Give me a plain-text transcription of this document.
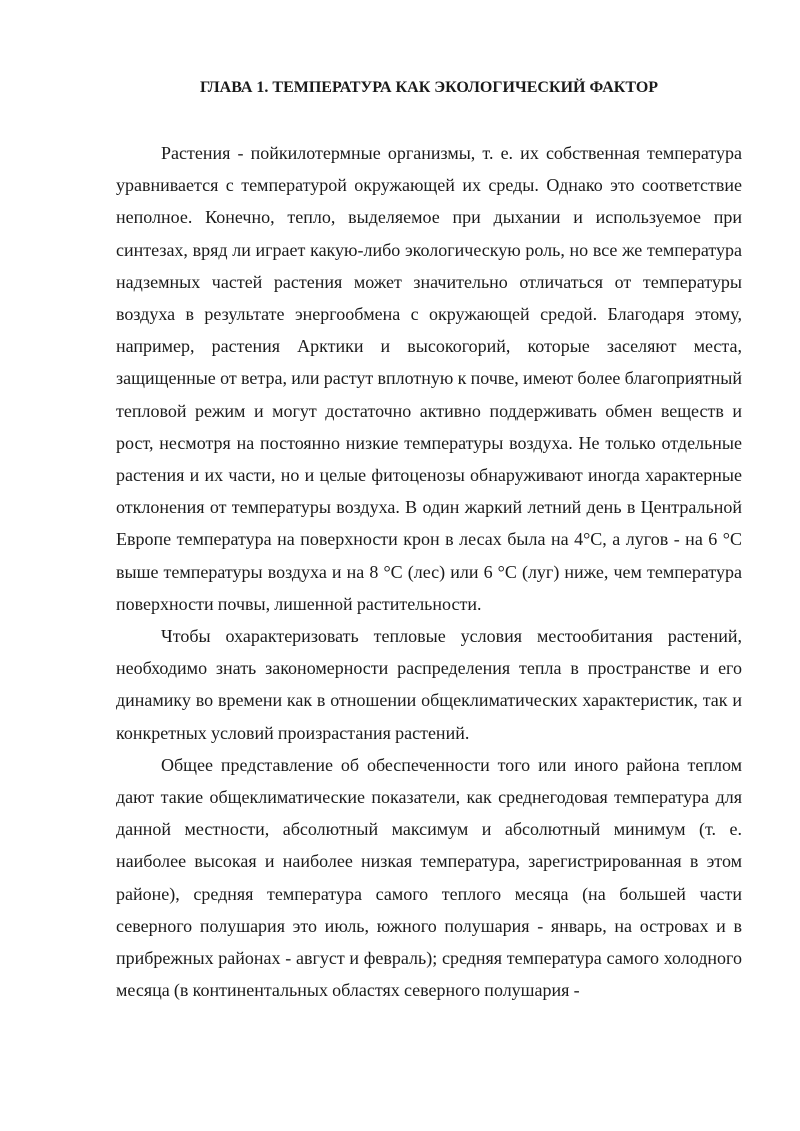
ГЛАВА 1. ТЕМПЕРАТУРА КАК ЭКОЛОГИЧЕСКИЙ ФАКТОР

Растения - пойкилотермные организмы, т. е. их собственная температура уравнивается с температурой окружающей их среды. Однако это соответствие неполное. Конечно, тепло, выделяемое при дыхании и используемое при синтезах, вряд ли играет какую-либо экологическую роль, но все же температура надземных частей растения может значительно отличаться от температуры воздуха в результате энергообмена с окружающей средой. Благодаря этому, например, растения Арктики и высокогорий, которые заселяют места, защищенные от ветра, или растут вплотную к почве, имеют более благоприятный тепловой режим и могут достаточно активно поддерживать обмен веществ и рост, несмотря на постоянно низкие температуры воздуха. Не только отдельные растения и их части, но и целые фитоценозы обнаруживают иногда характерные отклонения от температуры воздуха. В один жаркий летний день в Центральной Европе температура на поверхности крон в лесах была на 4°С, а лугов - на 6 °С выше температуры воздуха и на 8 °С (лес) или 6 °С (луг) ниже, чем температура поверхности почвы, лишенной растительности.

Чтобы охарактеризовать тепловые условия местообитания растений, необходимо знать закономерности распределения тепла в пространстве и его динамику во времени как в отношении общеклиматических характеристик, так и конкретных условий произрастания растений.

Общее представление об обеспеченности того или иного района теплом дают такие общеклиматические показатели, как среднегодовая температура для данной местности, абсолютный максимум и абсолютный минимум (т. е. наиболее высокая и наиболее низкая температура, зарегистрированная в этом районе), средняя температура самого теплого месяца (на большей части северного полушария это июль, южного полушария - январь, на островах и в прибрежных районах - август и февраль); средняя температура самого холодного месяца (в континентальных областях северного полушария -
